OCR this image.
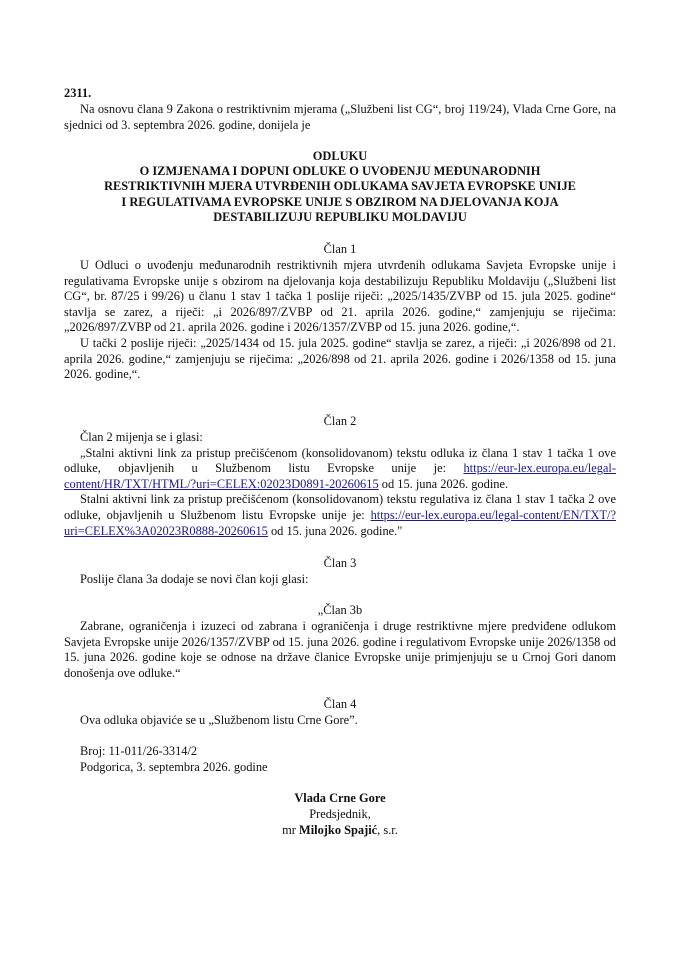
2311.
Na osnovu člana 9 Zakona o restriktivnim mjerama („Službeni list CG“, broj 119/24), Vlada Crne Gore, na sjednici od 3. septembra 2026. godine, donijela je
ODLUKU
O IZMJENAMA I DOPUNI ODLUKE O UVOĐENJU MEĐUNARODNIH RESTRIKTIVNIH MJERA UTVRĐENIH ODLUKAMA SAVJETA EVROPSKE UNIJE I REGULATIVAMA EVROPSKE UNIJE S OBZIROM NA DJELOVANJA KOJA DESTABILIZUJU REPUBLIKU MOLDAVIJU
Član 1

U Odluci o uvođenju međunarodnih restriktivnih mjera utvrđenih odlukama Savjeta Evropske unije i regulativama Evropske unije s obzirom na djelovanja koja destabilizuju Republiku Moldaviju („Službeni list CG“, br. 87/25 i 99/26) u članu 1 stav 1 tačka 1 poslije riječi: „2025/1435/ZVBP od 15. jula 2025. godine“ stavlja se zarez, a riječi: „i 2026/897/ZVBP od 21. aprila 2026. godine,“ zamjenjuju se riječima: „2026/897/ZVBP od 21. aprila 2026. godine i 2026/1357/ZVBP od 15. juna 2026. godine,“.

U tački 2 poslije riječi: „2025/1434 od 15. jula 2025. godine“ stavlja se zarez, a riječi: „i 2026/898 od 21. aprila 2026. godine,“ zamjenjuju se riječima: „2026/898 od 21. aprila 2026. godine i 2026/1358 od 15. juna 2026. godine,“.

Član 2

Član 2 mijenja se i glasi:

„Stalni aktivni link za pristup prečišćenom (konsolidovanom) tekstu odluka iz člana 1 stav 1 tačka 1 ove odluke, objavljenih u Službenom listu Evropske unije je: https://eur-lex.europa.eu/legal-content/HR/TXT/HTML/?uri=CELEX:02023D0891-20260615 od 15. juna 2026. godine.

Stalni aktivni link za pristup prečišćenom (konsolidovanom) tekstu regulativa iz člana 1 stav 1 tačka 2 ove odluke, objavljenih u Službenom listu Evropske unije je: https://eur-lex.europa.eu/legal-content/EN/TXT/?uri=CELEX%3A02023R0888-20260615 od 15. juna 2026. godine."

Član 3
Poslije člana 3a dodaje se novi član koji glasi:
„Član 3b
Zabrane, ograničenja i izuzeci od zabrana i ograničenja i druge restriktivne mjere predviđene odlukom Savjeta Evropske unije 2026/1357/ZVBP od 15. juna 2026. godine i regulativom Evropske unije 2026/1358 od 15. juna 2026. godine koje se odnose na države članice Evropske unije primjenjuju se u Crnoj Gori danom donošenja ove odluke.“
Član 4
Ova odluka objaviće se u „Službenom listu Crne Gore”.
Broj: 11-011/26-3314/2
Podgorica, 3. septembra 2026. godine
Vlada Crne Gore
Predsjednik,
mr Milojko Spajić, s.r.
